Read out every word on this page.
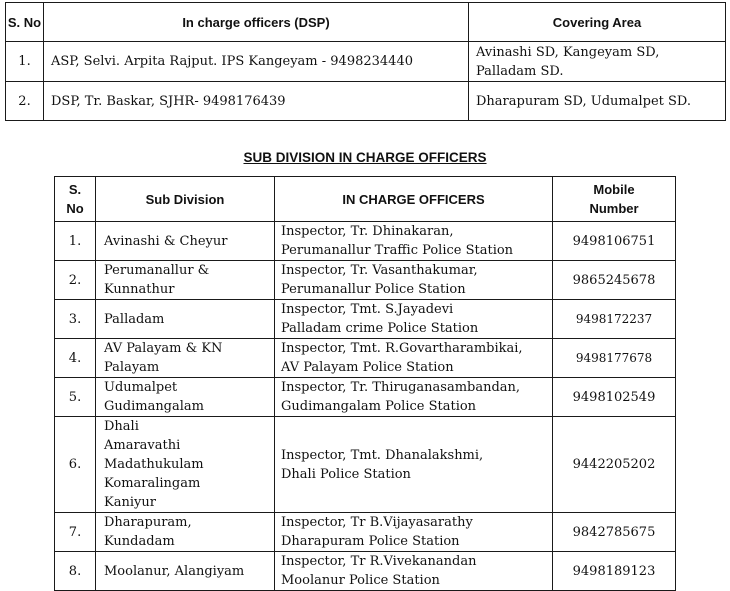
S. No	In charge officers (DSP)	Covering Area
1.	ASP, Selvi. Arpita Rajput. IPS Kangeyam - 9498234440	Avinashi SD, Kangeyam SD,
Palladam SD.

2.	DSP, Tr. Baskar, SJHR- 9498176439	Dharapuram SD, Udumalpet SD.
SUB DIVISION IN CHARGE OFFICERS
S.
No	Sub Division	IN CHARGE OFFICERS	Mobile
Number

1.	Avinashi & Cheyur	Inspector, Tr. Dhinakaran,
Perumanallur Traffic Police Station	9498106751
2.	Perumanallur &
Kunnathur	Inspector, Tr. Vasanthakumar,
Perumanallur Police Station	9865245678
3.	Palladam	Inspector, Tmt. S.Jayadevi
Palladam crime Police Station	9498172237
4.	AV Palayam & KN
Palayam	Inspector, Tmt. R.Govartharambikai,
AV Palayam Police Station	9498177678
5.	Udumalpet
Gudimangalam	Inspector, Tr. Thiruganasambandan,
Gudimangalam Police Station	9498102549
6.	Dhali
Amaravathi
Madathukulam
Komaralingam
Kaniyur	Inspector, Tmt. Dhanalakshmi,
Dhali Police Station	9442205202
7.	Dharapuram,
Kundadam	Inspector, Tr B.Vijayasarathy
Dharapuram Police Station	9842785675
8.	Moolanur, Alangiyam	Inspector, Tr R.Vivekanandan
Moolanur Police Station	9498189123
